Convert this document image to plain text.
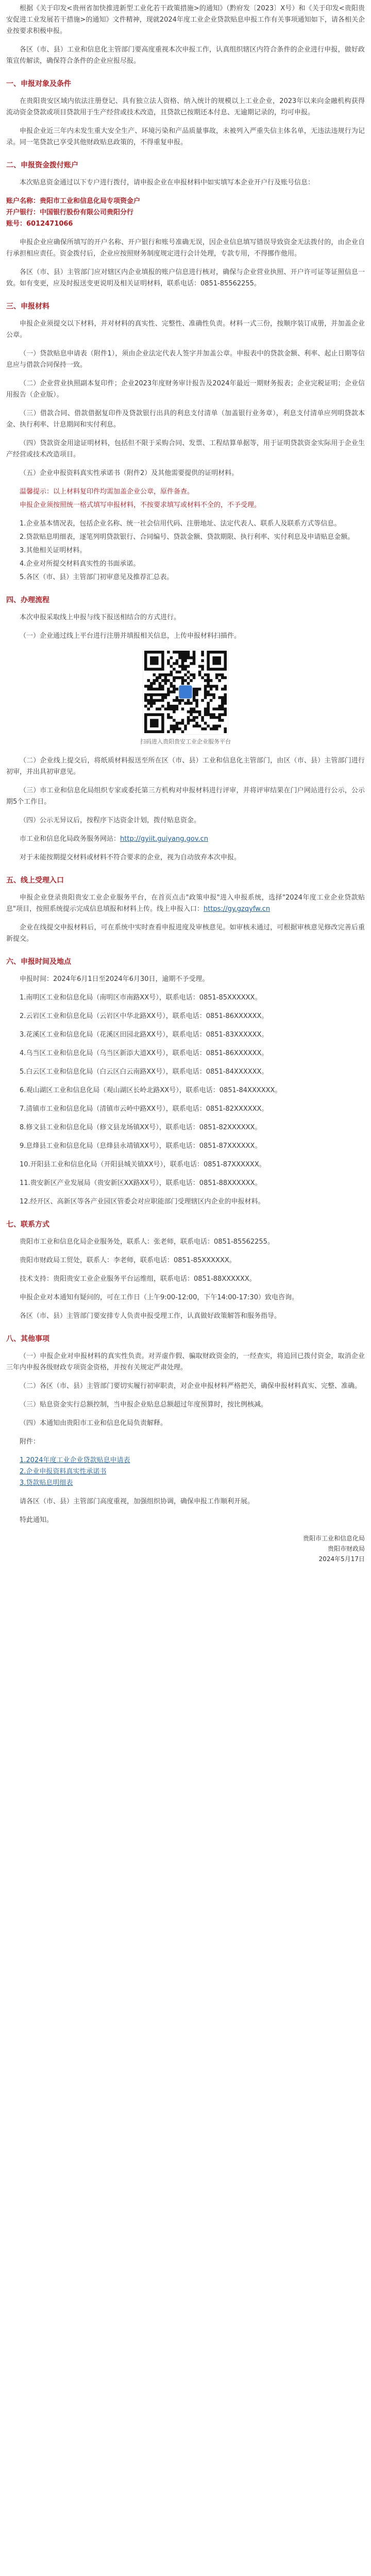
根据《关于印发<贵州省加快推进新型工业化若干政策措施>的通知》（黔府发〔2023〕X号）和《关于印发<贵阳贵安促进工业发展若干措施>的通知》文件精神，现就2024年度工业企业贷款贴息申报工作有关事项通知如下，请各相关企业按要求积极申报。

各区（市、县）工业和信息化主管部门要高度重视本次申报工作，认真组织辖区内符合条件的企业进行申报，做好政策宣传解读，确保符合条件的企业应报尽报。

一、申报对象及条件

在贵阳贵安区域内依法注册登记、具有独立法人资格、纳入统计的规模以上工业企业，2023年以来向金融机构获得流动资金贷款或项目贷款用于生产经营或技术改造，且贷款已按期还本付息、无逾期记录的，均可申报。

申报企业近三年内未发生重大安全生产、环境污染和产品质量事故，未被列入严重失信主体名单，无违法违规行为记录。同一笔贷款已享受其他财政贴息政策的，不得重复申报。

二、申报资金拨付账户

本次贴息资金通过以下专户进行拨付，请申报企业在申报材料中如实填写本企业开户行及账号信息：

账户名称：贵阳市工业和信息化局专项资金户
开户银行：中国银行股份有限公司贵阳分行
账号：6012471066

申报企业应确保所填写的开户名称、开户银行和账号准确无误，因企业信息填写错误导致资金无法拨付的，由企业自行承担相应责任。资金拨付后，企业应按照财务制度规定进行会计处理，专款专用，不得挪作他用。

各区（市、县）主管部门应对辖区内企业填报的账户信息进行核对，确保与企业营业执照、开户许可证等证照信息一致。如有变更，应及时报送变更说明及相关证明材料，联系电话：0851-85562255。

三、申报材料

申报企业须提交以下材料，并对材料的真实性、完整性、准确性负责。材料一式三份，按顺序装订成册，并加盖企业公章。

（一）贷款贴息申请表（附件1），须由企业法定代表人签字并加盖公章。申报表中的贷款金额、利率、起止日期等信息应与借款合同保持一致。

（二）企业营业执照副本复印件；企业2023年度财务审计报告及2024年最近一期财务报表；企业完税证明；企业信用报告（企业版）。

（三）借款合同、借款借据复印件及贷款银行出具的利息支付清单（加盖银行业务章），利息支付清单应列明贷款本金、执行利率、计息期间和实付利息。

（四）贷款资金用途证明材料，包括但不限于采购合同、发票、工程结算单据等，用于证明贷款资金实际用于企业生产经营或技术改造项目。

（五）企业申报资料真实性承诺书（附件2）及其他需要提供的证明材料。

温馨提示：以上材料复印件均需加盖企业公章，原件备查。

申报企业须按照统一格式填写申报材料，不按要求填写或材料不全的，不予受理。

1.企业基本情况表，包括企业名称、统一社会信用代码、注册地址、法定代表人、联系人及联系方式等信息。

2.贷款贴息明细表，逐笔列明贷款银行、合同编号、贷款金额、贷款期限、执行利率、实付利息及申请贴息金额。

3.其他相关证明材料。

4.企业对所提交材料真实性的书面承诺。

5.各区（市、县）主管部门初审意见及推荐汇总表。

四、办理流程

本次申报采取线上申报与线下报送相结合的方式进行。

（一）企业通过线上平台进行注册并填报相关信息，上传申报材料扫描件。

扫码进入贵阳贵安工业企业服务平台

（二）企业线上提交后，将纸质材料报送至所在区（市、县）工业和信息化主管部门，由区（市、县）主管部门进行初审，并出具初审意见。

（三）市工业和信息化局组织专家或委托第三方机构对申报材料进行评审，并将评审结果在门户网站进行公示，公示期5个工作日。

（四）公示无异议后，按程序下达资金计划，拨付贴息资金。

市工业和信息化局政务服务网站：http://gyiit.guiyang.gov.cn

对于未能按期提交材料或材料不符合要求的企业，视为自动放弃本次申报。

五、线上受理入口

申报企业登录贵阳贵安工业企业服务平台，在首页点击"政策申报"进入申报系统，选择"2024年度工业企业贷款贴息"项目，按照系统提示完成信息填报和材料上传。线上申报入口：https://gy.gzqyfw.cn

企业在线提交申报材料后，可在系统中实时查看申报进度及审核意见。如审核未通过，可根据审核意见修改完善后重新提交。

六、申报时间及地点

申报时间：2024年6月1日至2024年6月30日，逾期不予受理。

1.南明区工业和信息化局（南明区市南路XX号），联系电话：0851-85XXXXXX。

2.云岩区工业和信息化局（云岩区中华北路XX号），联系电话：0851-86XXXXXX。

3.花溪区工业和信息化局（花溪区田园北路XX号），联系电话：0851-83XXXXXX。

4.乌当区工业和信息化局（乌当区新添大道XX号），联系电话：0851-86XXXXXX。

5.白云区工业和信息化局（白云区白云南路XX号），联系电话：0851-84XXXXXX。

6.观山湖区工业和信息化局（观山湖区长岭北路XX号），联系电话：0851-84XXXXXX。

7.清镇市工业和信息化局（清镇市云岭中路XX号），联系电话：0851-82XXXXXX。

8.修文县工业和信息化局（修文县龙场镇XX号），联系电话：0851-82XXXXXX。

9.息烽县工业和信息化局（息烽县永靖镇XX号），联系电话：0851-87XXXXXX。

10.开阳县工业和信息化局（开阳县城关镇XX号），联系电话：0851-87XXXXXX。

11.贵安新区产业发展局（贵安新区XX路XX号），联系电话：0851-88XXXXXX。

12.经开区、高新区等各产业园区管委会对应职能部门受理辖区内企业的申报材料。

七、联系方式

贵阳市工业和信息化局企业服务处，联系人：张老师，联系电话：0851-85562255。

贵阳市财政局工贸处，联系人：李老师，联系电话：0851-85XXXXXX。

技术支持：贵阳贵安工业企业服务平台运维组，联系电话：0851-88XXXXXX。

申报企业对本通知有疑问的，可在工作日（上午9:00-12:00，下午14:00-17:30）致电咨询。

各区（市、县）主管部门要安排专人负责申报受理工作，认真做好政策解答和服务指导。

八、其他事项

（一）申报企业对申报材料的真实性负责。对弄虚作假、骗取财政资金的，一经查实，将追回已拨付资金，取消企业三年内申报各级财政专项资金资格，并按有关规定严肃处理。

（二）各区（市、县）主管部门要切实履行初审职责，对企业申报材料严格把关，确保申报材料真实、完整、准确。

（三）贴息资金实行总额控制，当申报企业贴息总额超过年度预算时，按比例核减。

（四）本通知由贵阳市工业和信息化局负责解释。

附件：

1.2024年度工业企业贷款贴息申请表
2.企业申报资料真实性承诺书
3.贷款贴息明细表

请各区（市、县）主管部门高度重视，加强组织协调，确保申报工作顺利开展。

特此通知。

贵阳市工业和信息化局
贵阳市财政局
2024年5月17日
